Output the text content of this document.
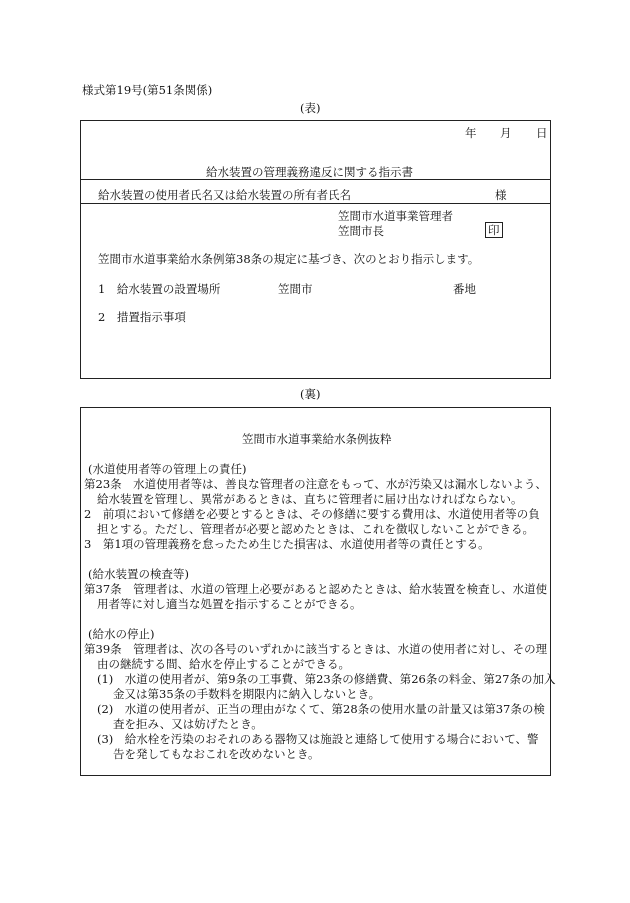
様式第19号(第51条関係)
(表)
年 月 日
給水装置の管理義務違反に関する指示書
給水装置の使用者氏名又は給水装置の所有者氏名	様
笠間市水道事業管理者
笠間市長	印
笠間市水道事業給水条例第38条の規定に基づき、次のとおり指示します。
1　給水装置の設置場所	笠間市	番地
2　措置指示事項
(裏)
笠間市水道事業給水条例抜粋
(水道使用者等の管理上の責任)
第23条　水道使用者等は、善良な管理者の注意をもって、水が汚染又は漏水しないよう、
給水装置を管理し、異常があるときは、直ちに管理者に届け出なければならない。
2　前項において修繕を必要とするときは、その修繕に要する費用は、水道使用者等の負
担とする。ただし、管理者が必要と認めたときは、これを徴収しないことができる。
3　第1項の管理義務を怠ったため生じた損害は、水道使用者等の責任とする。
(給水装置の検査等)
第37条　管理者は、水道の管理上必要があると認めたときは、給水装置を検査し、水道使
用者等に対し適当な処置を指示することができる。
(給水の停止)
第39条　管理者は、次の各号のいずれかに該当するときは、水道の使用者に対し、その理
由の継続する間、給水を停止することができる。
(1)　水道の使用者が、第9条の工事費、第23条の修繕費、第26条の料金、第27条の加入
金又は第35条の手数料を期限内に納入しないとき。
(2)　水道の使用者が、正当の理由がなくて、第28条の使用水量の計量又は第37条の検
査を拒み、又は妨げたとき。
(3)　給水栓を汚染のおそれのある器物又は施設と連絡して使用する場合において、警
告を発してもなおこれを改めないとき。
